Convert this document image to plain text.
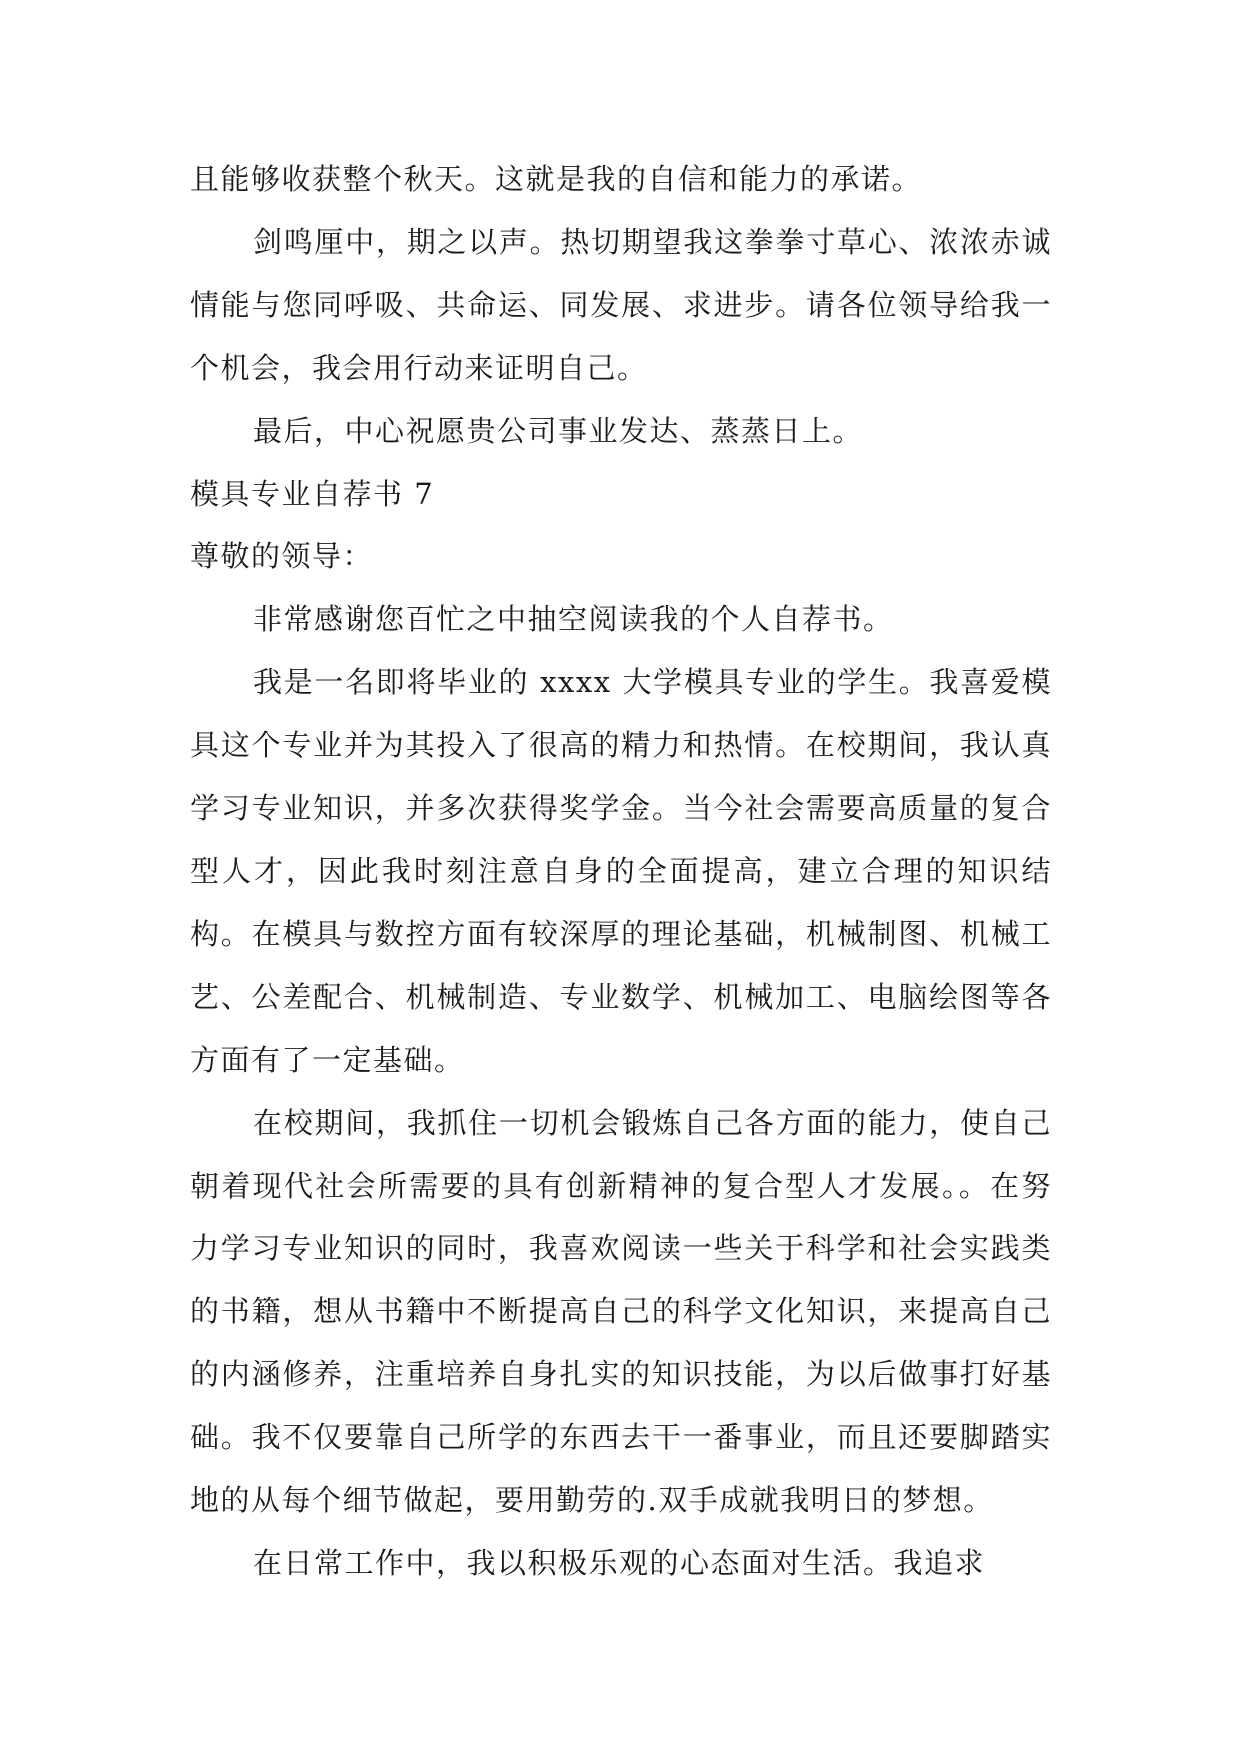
且能够收获整个秋天。这就是我的自信和能力的承诺。

剑鸣厘中，期之以声。热切期望我这拳拳寸草心、浓浓赤诚情能与您同呼吸、共命运、同发展、求进步。请各位领导给我一个机会，我会用行动来证明自己。

最后，中心祝愿贵公司事业发达、蒸蒸日上。

模具专业自荐书 7

尊敬的领导：

非常感谢您百忙之中抽空阅读我的个人自荐书。

我是一名即将毕业的 xxxx 大学模具专业的学生。我喜爱模具这个专业并为其投入了很高的精力和热情。在校期间，我认真学习专业知识，并多次获得奖学金。当今社会需要高质量的复合型人才，因此我时刻注意自身的全面提高，建立合理的知识结构。在模具与数控方面有较深厚的理论基础，机械制图、机械工艺、公差配合、机械制造、专业数学、机械加工、电脑绘图等各方面有了一定基础。

在校期间，我抓住一切机会锻炼自己各方面的能力，使自己朝着现代社会所需要的具有创新精神的复合型人才发展。。在努力学习专业知识的同时，我喜欢阅读一些关于科学和社会实践类的书籍，想从书籍中不断提高自己的科学文化知识，来提高自己的内涵修养，注重培养自身扎实的知识技能，为以后做事打好基础。我不仅要靠自己所学的东西去干一番事业，而且还要脚踏实地的从每个细节做起，要用勤劳的.双手成就我明日的梦想。

在日常工作中，我以积极乐观的心态面对生活。我追求
